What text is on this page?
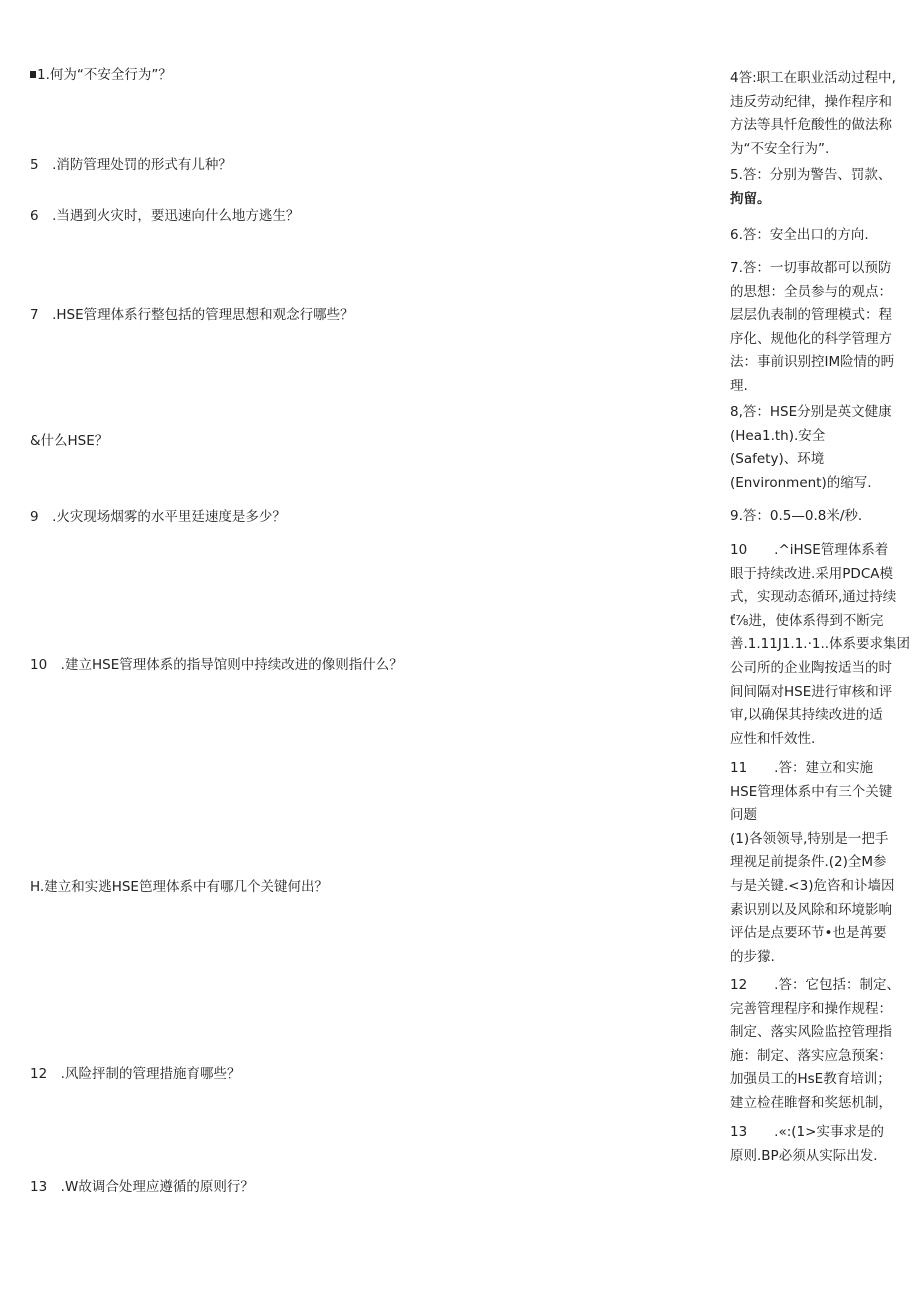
1.何为“不安全行为”？
5　.消防管理处罚的形式有儿种？
6　.当遇到火灾时，要迅速向什么地方逃生？
7　.HSE管理体系行整包括的管理思想和观念行哪些？
&什么HSE？
9　.火灾现场烟雾的水平里廷速度是多少？
10　.建立HSE管理体系的指导馆则中持续改进的像则指什么？
H.建立和实逃HSE笆理体系中有哪几个关键何出？
12　.风险抨制的管理措施育哪些？
13　.W故调合处理应遵循的原则行？
4答:职工在职业活动过程中,
违反劳动纪律，操作程序和
方法等具忏危酸性的做法称
为“不安全行为”.
5.答：分别为警告、罚款、
拘留。
6.答：安全出口的方向.
7.答：一切事故都可以预防
的思想：全员参与的观点：
层层仇表制的管理模式：程
序化、规他化的科学管理方
法：事前识别控IM险情的眄
理.
8,答：HSE分别是英文健康
(Hea1.th).安全
(Safety)、环境
(Environment)的缩写.
9.答：0.5—0.8米/秒.
10　　.^iHSE管理体系着
眼于持续改进.采用PDCA模
式，实现动态循环,通过持续
ť⅞进，使体系得到不断完
善.1.11J1.1.·1..体系要求集团
公司所的企业陶按适当的时
间间隔对HSE进行审核和评
审,以确保其持续改进的适
应性和忏效性.
11　　.答：建立和实施
HSE管理体系中有三个关键
问题
(1)各领领导,特别是一把手
理视足前提条件.(2)全M参
与是关键.<3)危咨和讣墙因
素识别以及风除和环境影响
评估是点要环节•也是苒要
的步獴.
12　　.答：它包括：制定、
完善管理程序和操作规程：
制定、落实风险监控管理指
施：制定、落实应急预案：
加强员工的HsE教育培训；
建立检荏睢督和奖惩机制，
13　　.«:(1>实事求是的
原则.BP必须从实际出发.
